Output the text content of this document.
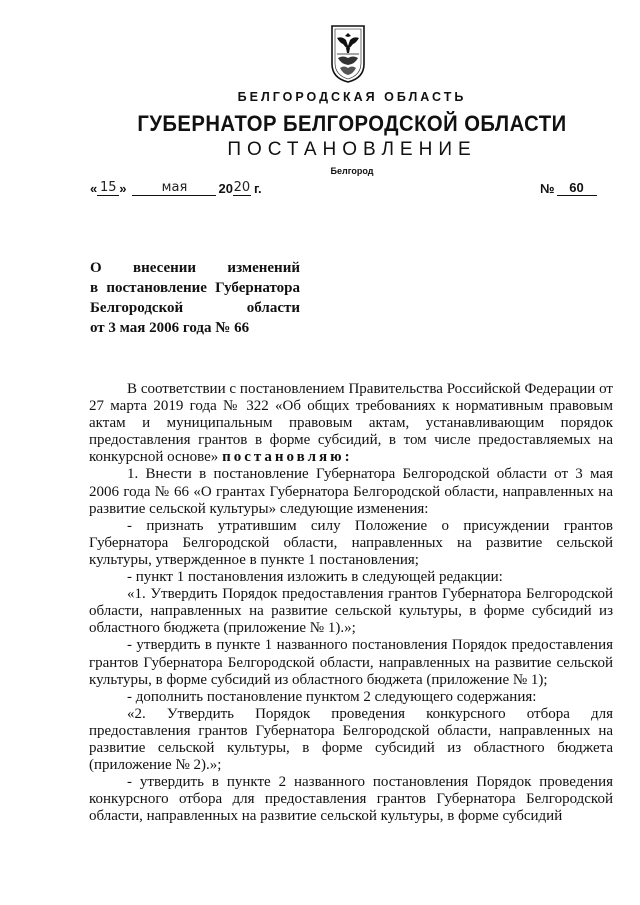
БЕЛГОРОДСКАЯ ОБЛАСТЬ
ГУБЕРНАТОР БЕЛГОРОДСКОЙ ОБЛАСТИ
ПОСТАНОВЛЕНИЕ
Белгород
« 15 »	мая	20 20 г.	№	60
О внесении изменений
в постановление Губернатора
Белгородской области
от 3 мая 2006 года № 66

В соответствии с постановлением Правительства Российской Федерации от 27 марта 2019 года № 322 «Об общих требованиях к нормативным правовым актам и муниципальным правовым актам, устанавливающим порядок предоставления грантов в форме субсидий, в том числе предоставляемых на конкурсной основе» постановляю:

1. Внести в постановление Губернатора Белгородской области от 3 мая 2006 года № 66 «О грантах Губернатора Белгородской области, направленных на развитие сельской культуры» следующие изменения:

- признать утратившим силу Положение о присуждении грантов Губернатора Белгородской области, направленных на развитие сельской культуры, утвержденное в пункте 1 постановления;

- пункт 1 постановления изложить в следующей редакции:

«1. Утвердить Порядок предоставления грантов Губернатора Белгородской области, направленных на развитие сельской культуры, в форме субсидий из областного бюджета (приложение № 1).»;

- утвердить в пункте 1 названного постановления Порядок предоставления грантов Губернатора Белгородской области, направленных на развитие сельской культуры, в форме субсидий из областного бюджета (приложение № 1);

- дополнить постановление пунктом 2 следующего содержания:

«2. Утвердить Порядок проведения конкурсного отбора для предоставления грантов Губернатора Белгородской области, направленных на развитие сельской культуры, в форме субсидий из областного бюджета (приложение № 2).»;

- утвердить в пункте 2 названного постановления Порядок проведения конкурсного отбора для предоставления грантов Губернатора Белгородской области, направленных на развитие сельской культуры, в форме субсидий
